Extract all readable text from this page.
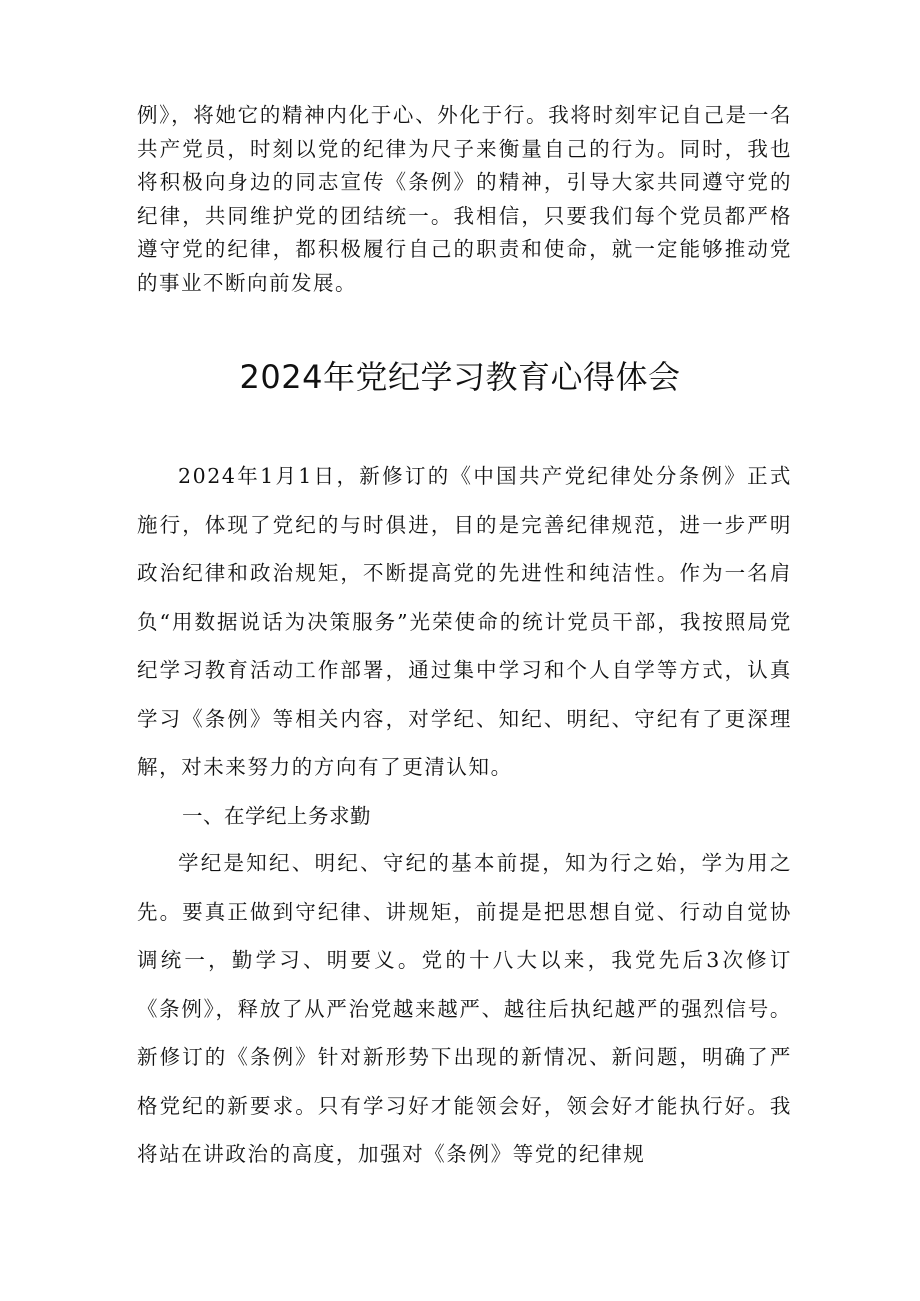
例》，将她它的精神内化于心、外化于行。我将时刻牢记自己是一名共产党员，时刻以党的纪律为尺子来衡量自己的行为。同时，我也将积极向身边的同志宣传《条例》的精神，引导大家共同遵守党的纪律，共同维护党的团结统一。我相信，只要我们每个党员都严格遵守党的纪律，都积极履行自己的职责和使命，就一定能够推动党的事业不断向前发展。

2024年党纪学习教育心得体会

2024年1月1日，新修订的《中国共产党纪律处分条例》正式施行，体现了党纪的与时俱进，目的是完善纪律规范，进一步严明政治纪律和政治规矩，不断提高党的先进性和纯洁性。作为一名肩负“用数据说话为决策服务”光荣使命的统计党员干部，我按照局党纪学习教育活动工作部署，通过集中学习和个人自学等方式，认真学习《条例》等相关内容，对学纪、知纪、明纪、守纪有了更深理解，对未来努力的方向有了更清认知。

一、在学纪上务求勤

学纪是知纪、明纪、守纪的基本前提，知为行之始，学为用之先。要真正做到守纪律、讲规矩，前提是把思想自觉、行动自觉协调统一，勤学习、明要义。党的十八大以来，我党先后3次修订《条例》，释放了从严治党越来越严、越往后执纪越严的强烈信号。新修订的《条例》针对新形势下出现的新情况、新问题，明确了严格党纪的新要求。只有学习好才能领会好，领会好才能执行好。我将站在讲政治的高度，加强对《条例》等党的纪律规
